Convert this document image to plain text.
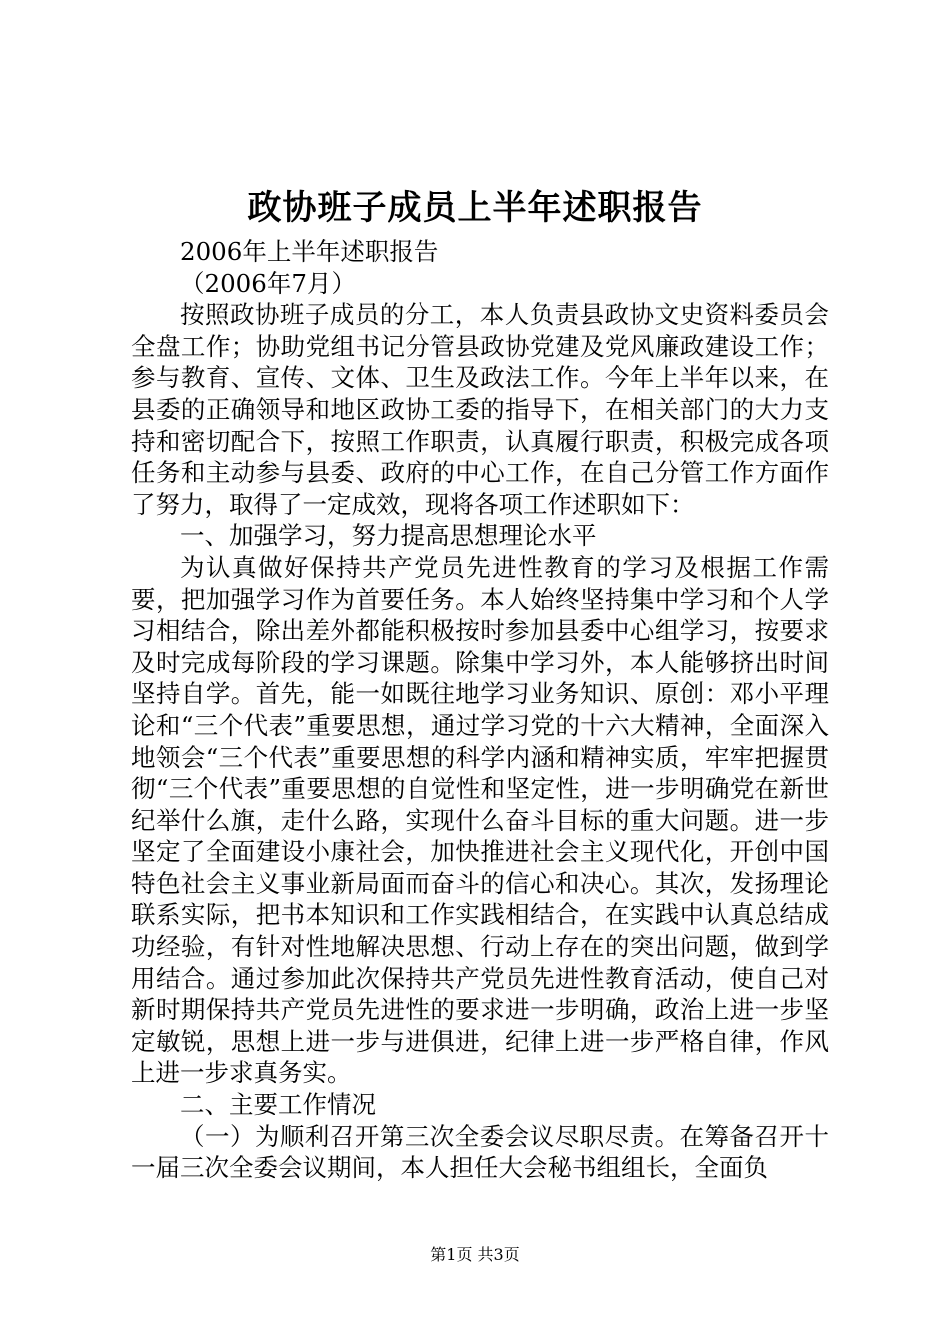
政协班子成员上半年述职报告

2006年上半年述职报告

（2006年7月）

按照政协班子成员的分工，本人负责县政协文史资料委员会全盘工作；协助党组书记分管县政协党建及党风廉政建设工作；参与教育、宣传、文体、卫生及政法工作。今年上半年以来，在县委的正确领导和地区政协工委的指导下，在相关部门的大力支持和密切配合下，按照工作职责，认真履行职责，积极完成各项任务和主动参与县委、政府的中心工作，在自己分管工作方面作了努力，取得了一定成效，现将各项工作述职如下：

一、加强学习，努力提高思想理论水平

为认真做好保持共产党员先进性教育的学习及根据工作需要，把加强学习作为首要任务。本人始终坚持集中学习和个人学习相结合，除出差外都能积极按时参加县委中心组学习，按要求及时完成每阶段的学习课题。除集中学习外，本人能够挤出时间坚持自学。首先，能一如既往地学习业务知识、原创：邓小平理论和“三个代表”重要思想，通过学习党的十六大精神，全面深入地领会“三个代表”重要思想的科学内涵和精神实质，牢牢把握贯彻“三个代表”重要思想的自觉性和坚定性，进一步明确党在新世纪举什么旗，走什么路，实现什么奋斗目标的重大问题。进一步坚定了全面建设小康社会，加快推进社会主义现代化，开创中国特色社会主义事业新局面而奋斗的信心和决心。其次，发扬理论联系实际，把书本知识和工作实践相结合，在实践中认真总结成功经验，有针对性地解决思想、行动上存在的突出问题，做到学用结合。通过参加此次保持共产党员先进性教育活动，使自己对新时期保持共产党员先进性的要求进一步明确，政治上进一步坚定敏锐，思想上进一步与进俱进，纪律上进一步严格自律，作风上进一步求真务实。

二、主要工作情况

（一）为顺利召开第三次全委会议尽职尽责。在筹备召开十一届三次全委会议期间，本人担任大会秘书组组长，全面负

第1页 共3页
